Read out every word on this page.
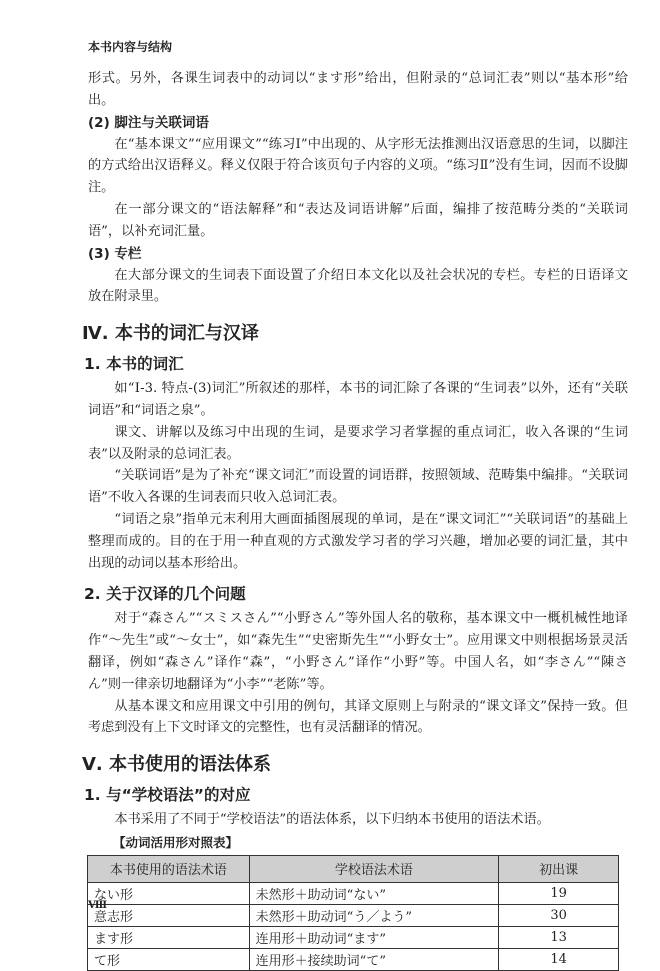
本书内容与结构

形式。另外，各课生词表中的动词以“ます形”给出，但附录的“总词汇表”则以“基本形”给出。

(2) 脚注与关联词语

在“基本课文”“应用课文”“练习Ⅰ”中出现的、从字形无法推测出汉语意思的生词，以脚注的方式给出汉语释义。释义仅限于符合该页句子内容的义项。“练习Ⅱ”没有生词，因而不设脚注。

在一部分课文的“语法解释”和“表达及词语讲解”后面，编排了按范畴分类的“关联词语”，以补充词汇量。

(3) 专栏

在大部分课文的生词表下面设置了介绍日本文化以及社会状况的专栏。专栏的日语译文放在附录里。

Ⅳ. 本书的词汇与汉译
1. 本书的词汇

如“Ⅰ-3. 特点-(3)词汇”所叙述的那样，本书的词汇除了各课的“生词表”以外，还有“关联词语”和“词语之泉”。

课文、讲解以及练习中出现的生词，是要求学习者掌握的重点词汇，收入各课的“生词表”以及附录的总词汇表。

“关联词语”是为了补充“课文词汇”而设置的词语群，按照领域、范畴集中编排。“关联词语”不收入各课的生词表而只收入总词汇表。

“词语之泉”指单元末利用大画面插图展现的单词，是在“课文词汇”“关联词语”的基础上整理而成的。目的在于用一种直观的方式激发学习者的学习兴趣，增加必要的词汇量，其中出现的动词以基本形给出。

2. 关于汉译的几个问题

对于“森さん”“スミスさん”“小野さん”等外国人名的敬称，基本课文中一概机械性地译作“～先生”或“～女士”，如“森先生”“史密斯先生”“小野女士”。应用课文中则根据场景灵活翻译，例如“森さん”译作“森”，“小野さん”译作“小野”等。中国人名，如“李さん”“陳さん”则一律亲切地翻译为“小李”“老陈”等。

从基本课文和应用课文中引用的例句，其译文原则上与附录的“课文译文”保持一致。但考虑到没有上下文时译文的完整性，也有灵活翻译的情况。

Ⅴ. 本书使用的语法体系
1. 与“学校语法”的对应

本书采用了不同于“学校语法”的语法体系，以下归纳本书使用的语法术语。

【动词活用形对照表】
本书使用的语法术语	学校语法术语	初出课
ない形	未然形＋助动词“ない”	19
意志形	未然形＋助动词“う／よう”	30
ます形	连用形＋助动词“ます”	13
て形	连用形＋接续助词“て”	14
Ⅷ
